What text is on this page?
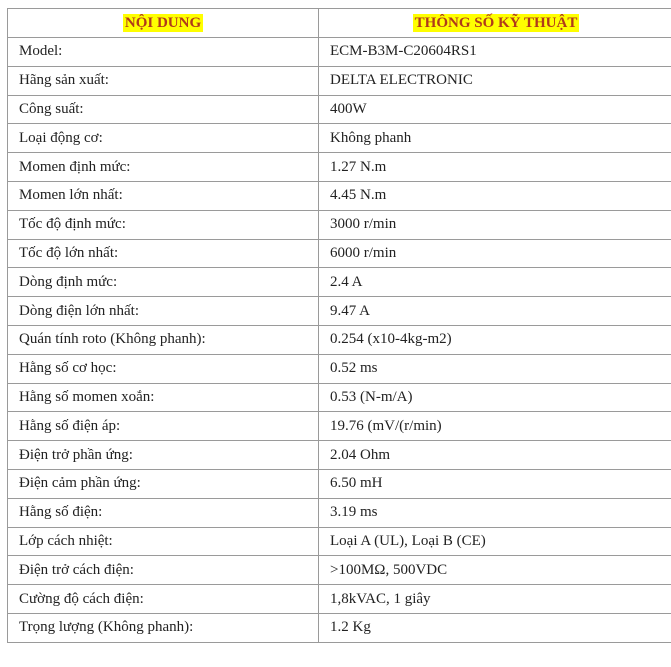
NỘI DUNG	THÔNG SỐ KỸ THUẬT
Model:	ECM-B3M-C20604RS1
Hãng sản xuất:	DELTA ELECTRONIC
Công suất:	400W
Loại động cơ:	Không phanh
Momen định mức:	1.27 N.m
Momen lớn nhất:	4.45 N.m
Tốc độ định mức:	3000 r/min
Tốc độ lớn nhất:	6000 r/min
Dòng định mức:	2.4 A
Dòng điện lớn nhất:	9.47 A
Quán tính roto (Không phanh):	0.254 (x10-4kg-m2)
Hằng số cơ học:	0.52 ms
Hằng số momen xoắn:	0.53 (N-m/A)
Hằng số điện áp:	19.76 (mV/(r/min)
Điện trở phần ứng:	2.04 Ohm
Điện cảm phần ứng:	6.50 mH
Hằng số điện:	3.19 ms
Lớp cách nhiệt:	Loại A (UL), Loại B (CE)
Điện trở cách điện:	>100MΩ, 500VDC
Cường độ cách điện:	1,8kVAC, 1 giây
Trọng lượng (Không phanh):	1.2 Kg
